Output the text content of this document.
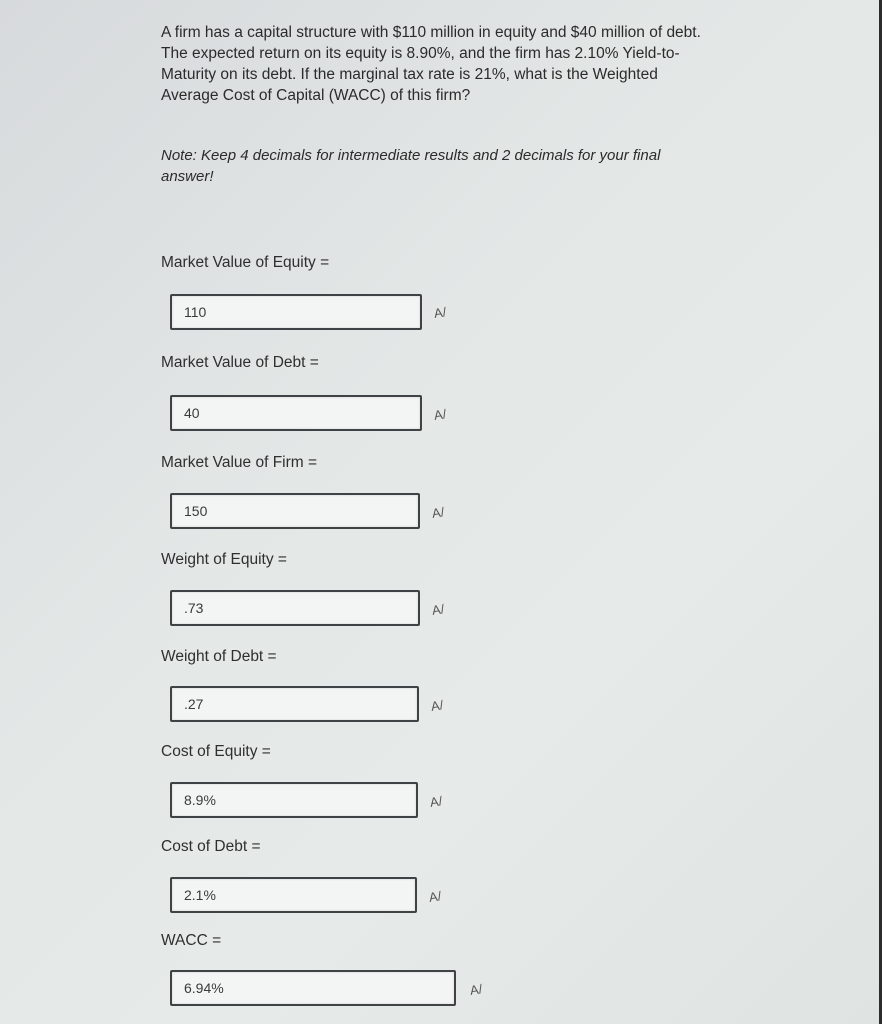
A firm has a capital structure with $110 million in equity and $40 million of debt.
The expected return on its equity is 8.90%, and the firm has 2.10% Yield-to-
Maturity on its debt. If the marginal tax rate is 21%, what is the Weighted
Average Cost of Capital (WACC) of this firm?
Note: Keep 4 decimals for intermediate results and 2 decimals for your final
answer!
Market Value of Equity =
110	A/
Market Value of Debt =
40	A/
Market Value of Firm =
150	A/
Weight of Equity =
.73	A/
Weight of Debt =
.27	A/
Cost of Equity =
8.9%	A/
Cost of Debt =
2.1%	A/
WACC =
6.94%	A/
